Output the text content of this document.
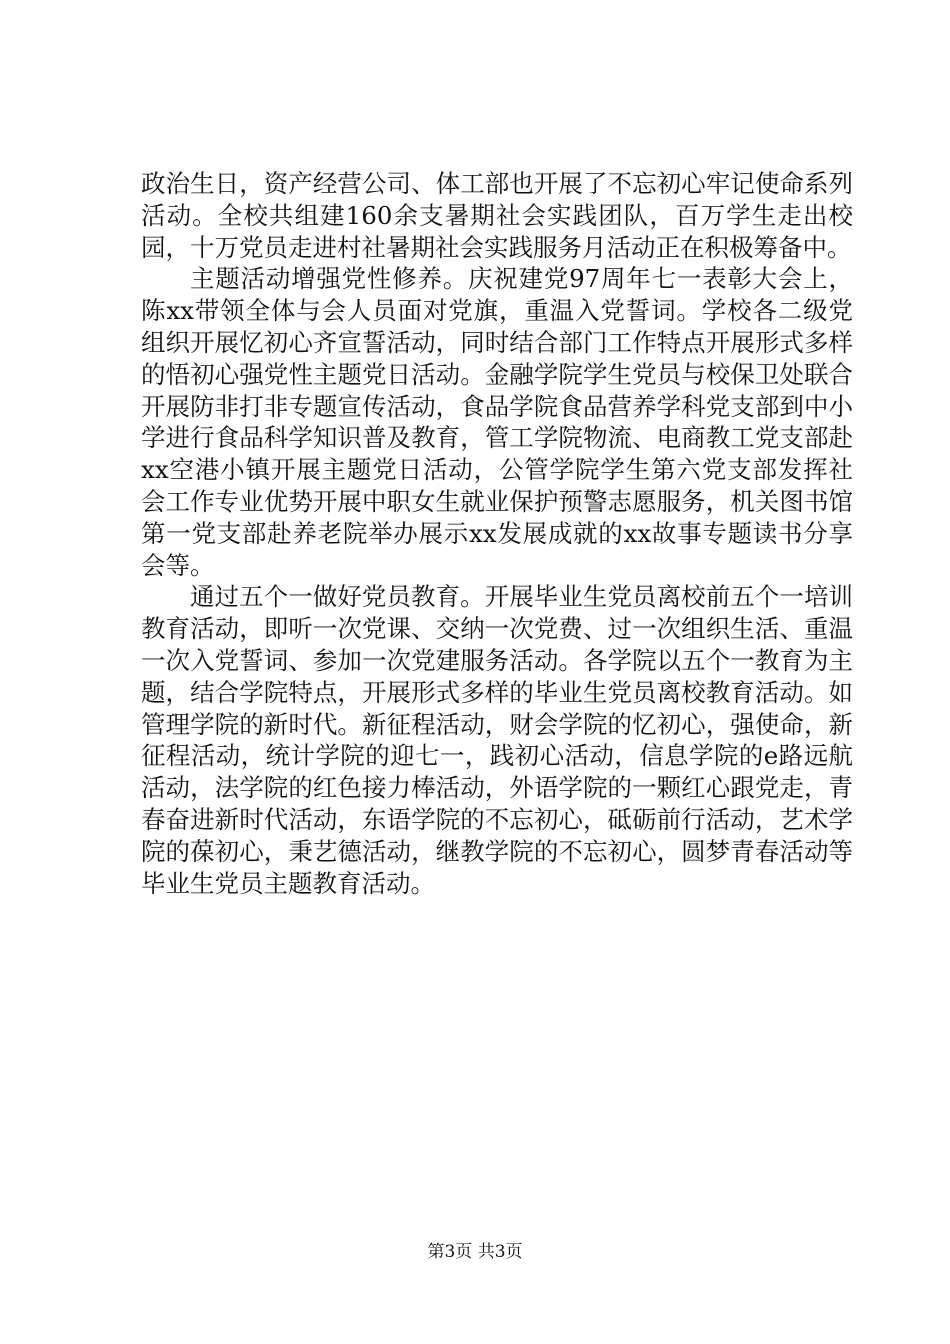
政治生日，资产经营公司、体工部也开展了不忘初心牢记使命系列活动。全校共组建160余支暑期社会实践团队，百万学生走出校园，十万党员走进村社暑期社会实践服务月活动正在积极筹备中。

主题活动增强党性修养。庆祝建党97周年七一表彰大会上，陈xx带领全体与会人员面对党旗，重温入党誓词。学校各二级党组织开展忆初心齐宣誓活动，同时结合部门工作特点开展形式多样的悟初心强党性主题党日活动。金融学院学生党员与校保卫处联合开展防非打非专题宣传活动，食品学院食品营养学科党支部到中小学进行食品科学知识普及教育，管工学院物流、电商教工党支部赴xx空港小镇开展主题党日活动，公管学院学生第六党支部发挥社会工作专业优势开展中职女生就业保护预警志愿服务，机关图书馆第一党支部赴养老院举办展示xx发展成就的xx故事专题读书分享会等。

通过五个一做好党员教育。开展毕业生党员离校前五个一培训教育活动，即听一次党课、交纳一次党费、过一次组织生活、重温一次入党誓词、参加一次党建服务活动。各学院以五个一教育为主题，结合学院特点，开展形式多样的毕业生党员离校教育活动。如管理学院的新时代。新征程活动，财会学院的忆初心，强使命，新征程活动，统计学院的迎七一，践初心活动，信息学院的e路远航活动，法学院的红色接力棒活动，外语学院的一颗红心跟党走，青春奋进新时代活动，东语学院的不忘初心，砥砺前行活动，艺术学院的葆初心，秉艺德活动，继教学院的不忘初心，圆梦青春活动等毕业生党员主题教育活动。

第3页 共3页
